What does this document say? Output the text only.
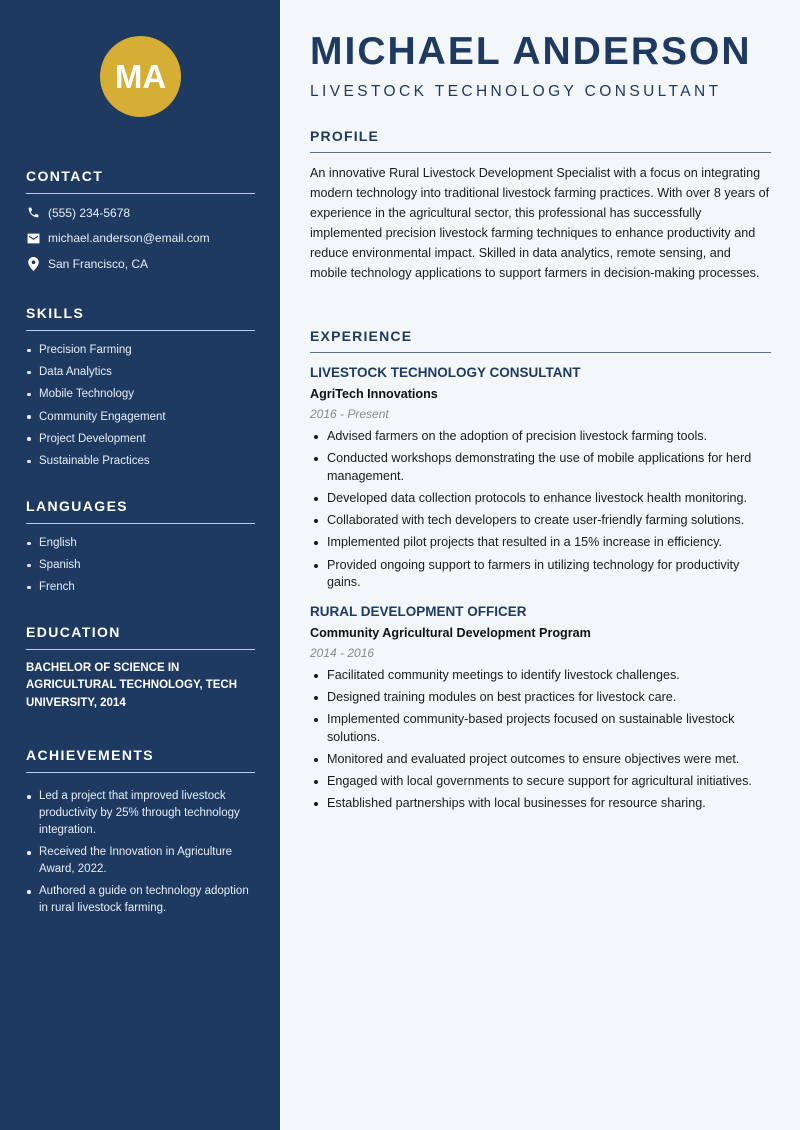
MA
CONTACT
(555) 234-5678
michael.anderson@email.com
San Francisco, CA
SKILLS
Precision Farming
Data Analytics
Mobile Technology
Community Engagement
Project Development
Sustainable Practices
LANGUAGES
English
Spanish
French
EDUCATION
BACHELOR OF SCIENCE IN AGRICULTURAL TECHNOLOGY, TECH UNIVERSITY, 2014
ACHIEVEMENTS
Led a project that improved livestock productivity by 25% through technology integration.
Received the Innovation in Agriculture Award, 2022.
Authored a guide on technology adoption in rural livestock farming.
MICHAEL ANDERSON
LIVESTOCK TECHNOLOGY CONSULTANT
PROFILE

An innovative Rural Livestock Development Specialist with a focus on integrating modern technology into traditional livestock farming practices. With over 8 years of experience in the agricultural sector, this professional has successfully implemented precision livestock farming techniques to enhance productivity and reduce environmental impact. Skilled in data analytics, remote sensing, and mobile technology applications to support farmers in decision-making processes.

EXPERIENCE
LIVESTOCK TECHNOLOGY CONSULTANT
AgriTech Innovations
2016 - Present
Advised farmers on the adoption of precision livestock farming tools.
Conducted workshops demonstrating the use of mobile applications for herd management.
Developed data collection protocols to enhance livestock health monitoring.
Collaborated with tech developers to create user-friendly farming solutions.
Implemented pilot projects that resulted in a 15% increase in efficiency.
Provided ongoing support to farmers in utilizing technology for productivity gains.
RURAL DEVELOPMENT OFFICER
Community Agricultural Development Program
2014 - 2016
Facilitated community meetings to identify livestock challenges.
Designed training modules on best practices for livestock care.
Implemented community-based projects focused on sustainable livestock solutions.
Monitored and evaluated project outcomes to ensure objectives were met.
Engaged with local governments to secure support for agricultural initiatives.
Established partnerships with local businesses for resource sharing.
